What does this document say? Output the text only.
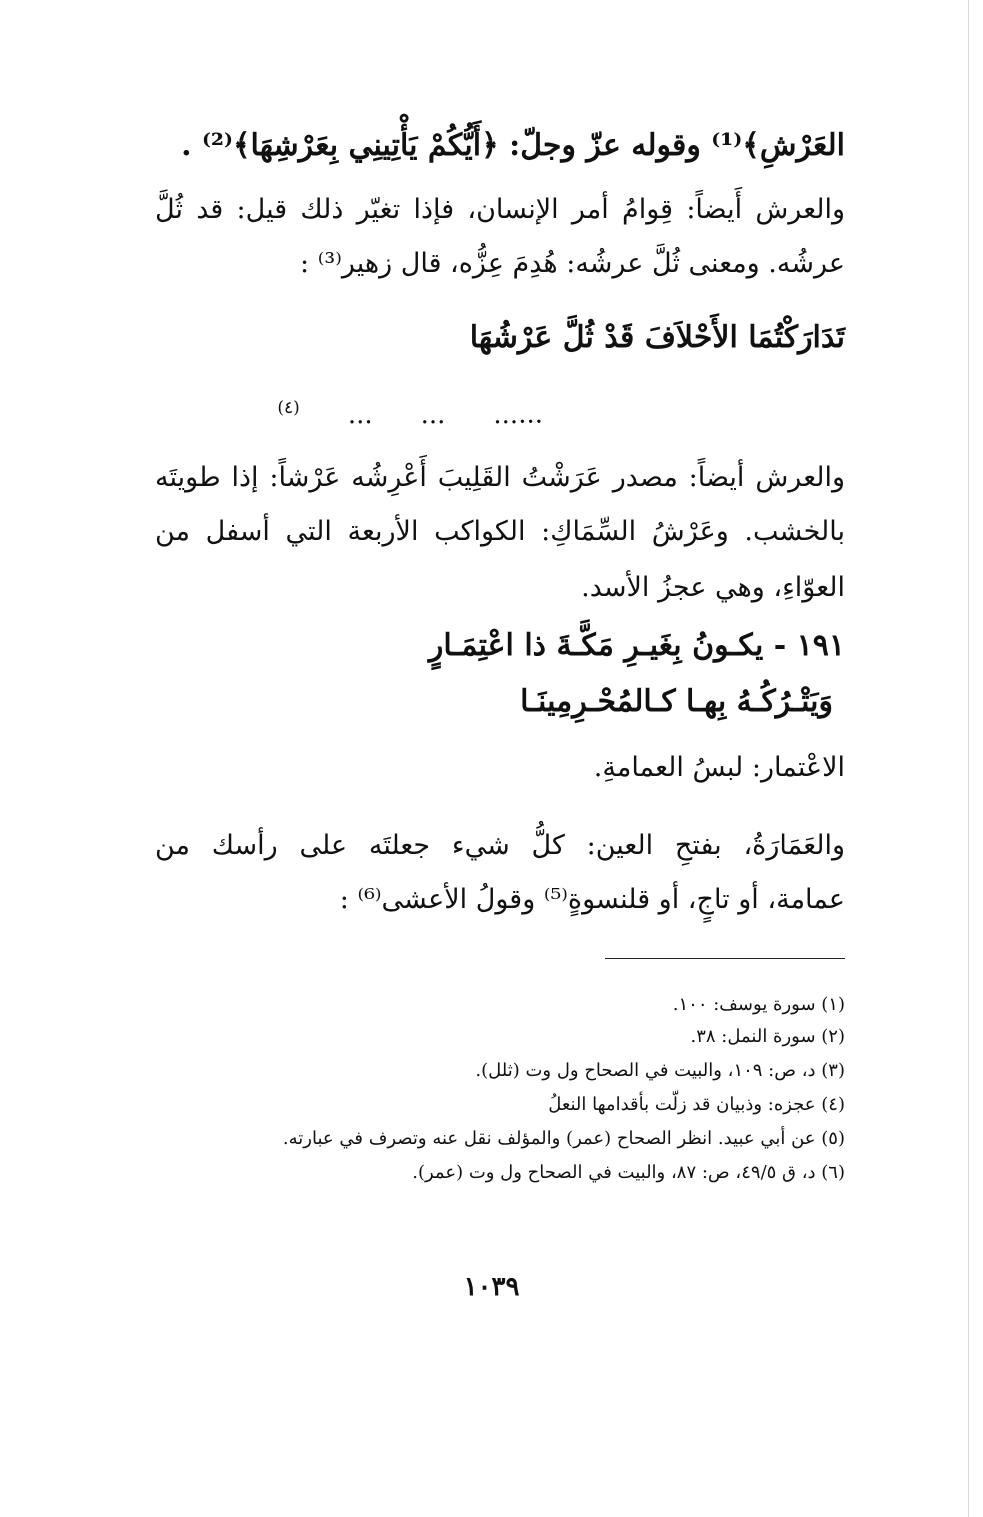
العَرْشِ﴾⁽¹⁾ وقوله عزّ وجلّ: ﴿أَيُّكُمْ يَأْتِينِي بِعَرْشِهَا﴾⁽²⁾ .
والعرش أَيضاً: قِوامُ أمر الإنسان، فإذا تغيّر ذلك قيل: قد ثُلَّ
عرشُه. ومعنى ثُلَّ عرشُه: هُدِمَ عِزُّه، قال زهير⁽³⁾ :
تَدَارَكْتُمَا الأَحْلاَفَ قَدْ ثُلَّ عَرْشُهَا
$^{(٤)}$ ... ... ......
والعرش أيضاً: مصدر عَرَشْتُ القَلِيبَ أَعْرِشُه عَرْشاً: إذا طويتَه
بالخشب. وعَرْشُ السِّمَاكِ: الكواكب الأربعة التي أسفل من
العوّاءِ، وهي عجزُ الأسد.
١٩١ - يكـونُ بِغَيـرِ مَكَّـةَ ذا اعْتِمَـارٍ
وَيَتْـرُكُـهُ بِهـا كـالمُحْـرِمِينَـا
الاعْتمار: لبسُ العمامةِ.
والعَمَارَةُ، بفتحِ العين: كلُّ شيء جعلتَه على رأسك من
عمامة، أو تاجٍ، أو قلنسوةٍ⁽⁵⁾ وقولُ الأعشى⁽⁶⁾ :
(١) سورة يوسف: ١٠٠.
(٢) سورة النمل: ٣٨.
(٣) د، ص: ١٠٩، والبيت في الصحاح ول وت (ثلل).
(٤) عجزه: وذبيان قد زلّت بأقدامها النعلُ
(٥) عن أبي عبيد. انظر الصحاح (عمر) والمؤلف نقل عنه وتصرف في عبارته.
(٦) د، ق ٤٩/٥، ص: ٨٧، والبيت في الصحاح ول وت (عمر).
١٠٣٩
